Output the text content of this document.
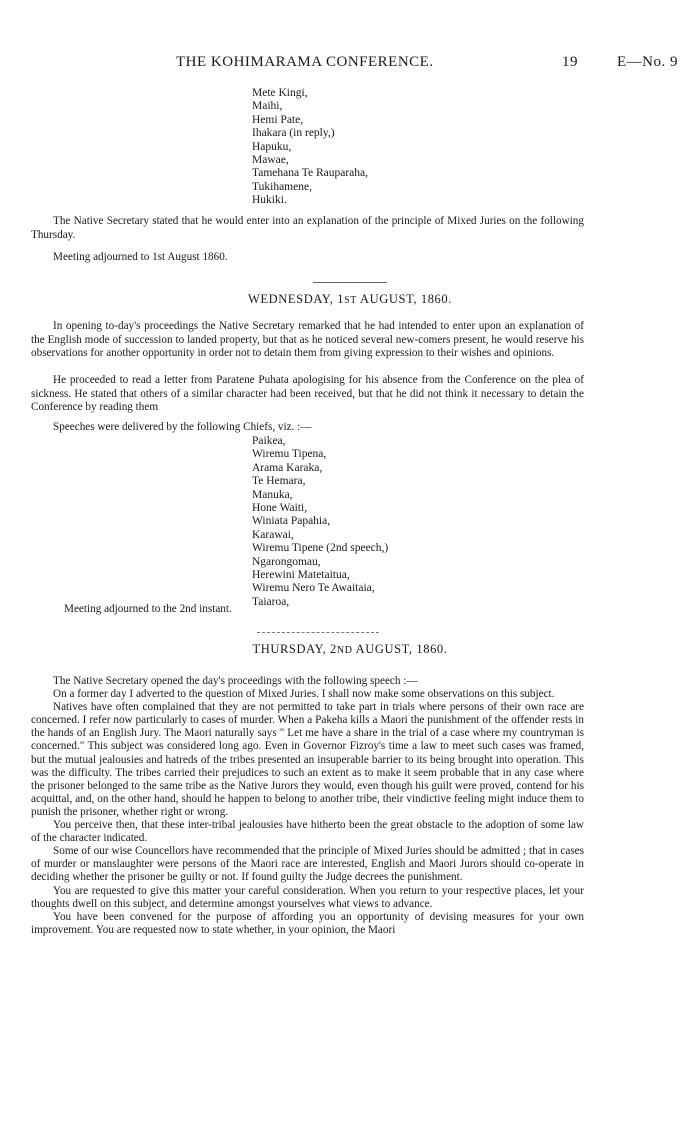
THE KOHIMARAMA CONFERENCE.	19	E—No. 9
Mete Kingi,
Maihi,
Hemi Pate,
Ihakara (in reply,)
Hapuku,
Mawae,
Tamehana Te Rauparaha,
Tukihamene,
Hukiki.

The Native Secretary stated that he would enter into an explanation of the principle of Mixed Juries on the following Thursday.

Meeting adjourned to 1st August 1860.

WEDNESDAY, 1ST AUGUST, 1860.

In opening to-day's proceedings the Native Secretary remarked that he had intended to enter upon an explanation of the English mode of succession to landed property, but that as he noticed several new-comers present, he would reserve his observations for another opportunity in order not to detain them from giving expression to their wishes and opinions.

He proceeded to read a letter from Paratene Puhata apologising for his absence from the Conference on the plea of sickness. He stated that others of a similar character had been received, but that he did not think it necessary to detain the Conference by reading them

Speeches were delivered by the following Chiefs, viz. :—

Paikea,
Wiremu Tipena,
Arama Karaka,
Te Hemara,
Manuka,
Hone Waiti,
Winiata Papahia,
Karawai,
Wiremu Tipene (2nd speech,)
Ngarongomau,
Herewini Matetaitua,
Wiremu Nero Te Awaitaia,
Taiaroa,

Meeting adjourned to the 2nd instant.

THURSDAY, 2ND AUGUST, 1860.

The Native Secretary opened the day's proceedings with the following speech :—

On a former day I adverted to the question of Mixed Juries. I shall now make some observations on this subject.

Natives have often complained that they are not permitted to take part in trials where persons of their own race are concerned. I refer now particularly to cases of murder. When a Pakeha kills a Maori the punishment of the offender rests in the hands of an English Jury. The Maori naturally says " Let me have a share in the trial of a case where my countryman is concerned." This subject was considered long ago. Even in Governor Fizroy's time a law to meet such cases was framed, but the mutual jealousies and hatreds of the tribes presented an insuperable barrier to its being brought into operation. This was the difficulty. The tribes carried their prejudices to such an extent as to make it seem probable that in any case where the prisoner belonged to the same tribe as the Native Jurors they would, even though his guilt were proved, contend for his acquittal, and, on the other hand, should he happen to belong to another tribe, their vindictive feeling might induce them to punish the prisoner, whether right or wrong.

You perceive then, that these inter-tribal jealousies have hitherto been the great obstacle to the adoption of some law of the character indicated.

Some of our wise Councellors have recommended that the principle of Mixed Juries should be admitted ; that in cases of murder or manslaughter were persons of the Maori race are interested, English and Maori Jurors should co-operate in deciding whether the prisoner be guilty or not. If found guilty the Judge decrees the punishment.

You are requested to give this matter your careful consideration. When you return to your respective places, let your thoughts dwell on this subject, and determine amongst yourselves what views to advance.

You have been convened for the purpose of affording you an opportunity of devising measures for your own improvement. You are requested now to state whether, in your opinion, the Maori
